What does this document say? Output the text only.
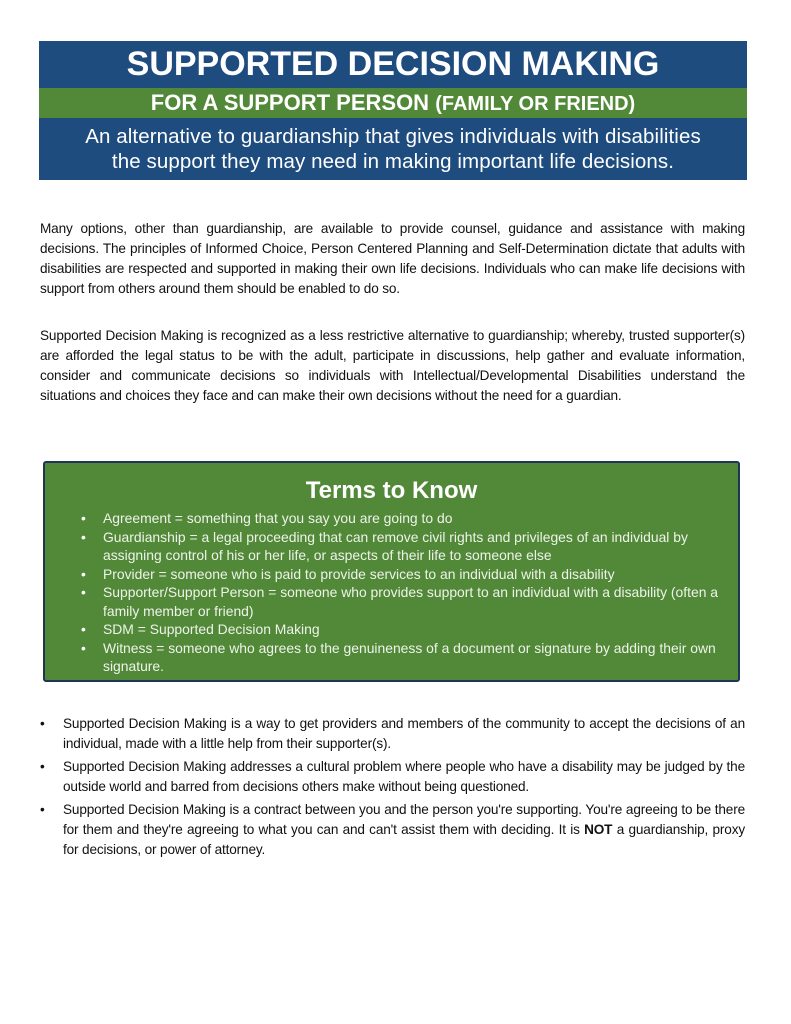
SUPPORTED DECISION MAKING
FOR A SUPPORT PERSON (FAMILY OR FRIEND)
An alternative to guardianship that gives individuals with disabilities
the support they may need in making important life decisions.

Many options, other than guardianship, are available to provide counsel, guidance and assistance with making decisions. The principles of Informed Choice, Person Centered Planning and Self-Determination dictate that adults with disabilities are respected and supported in making their own life decisions. Individuals who can make life decisions with support from others around them should be enabled to do so.

Supported Decision Making is recognized as a less restrictive alternative to guardianship; whereby, trusted supporter(s) are afforded the legal status to be with the adult, participate in discussions, help gather and evaluate information, consider and communicate decisions so individuals with Intellectual/Developmental Disabilities understand the situations and choices they face and can make their own decisions without the need for a guardian.

Terms to Know
• Agreement = something that you say you are going to do
• Guardianship = a legal proceeding that can remove civil rights and privileges of an individual by assigning control of his or her life, or aspects of their life to someone else
• Provider = someone who is paid to provide services to an individual with a disability
• Supporter/Support Person = someone who provides support to an individual with a disability (often a family member or friend)
• SDM = Supported Decision Making
• Witness = someone who agrees to the genuineness of a document or signature by adding their own signature.
• Supported Decision Making is a way to get providers and members of the community to accept the decisions of an individual, made with a little help from their supporter(s).
• Supported Decision Making addresses a cultural problem where people who have a disability may be judged by the outside world and barred from decisions others make without being questioned.
• Supported Decision Making is a contract between you and the person you're supporting. You're agreeing to be there for them and they're agreeing to what you can and can't assist them with deciding. It is NOT a guardianship, proxy for decisions, or power of attorney.
